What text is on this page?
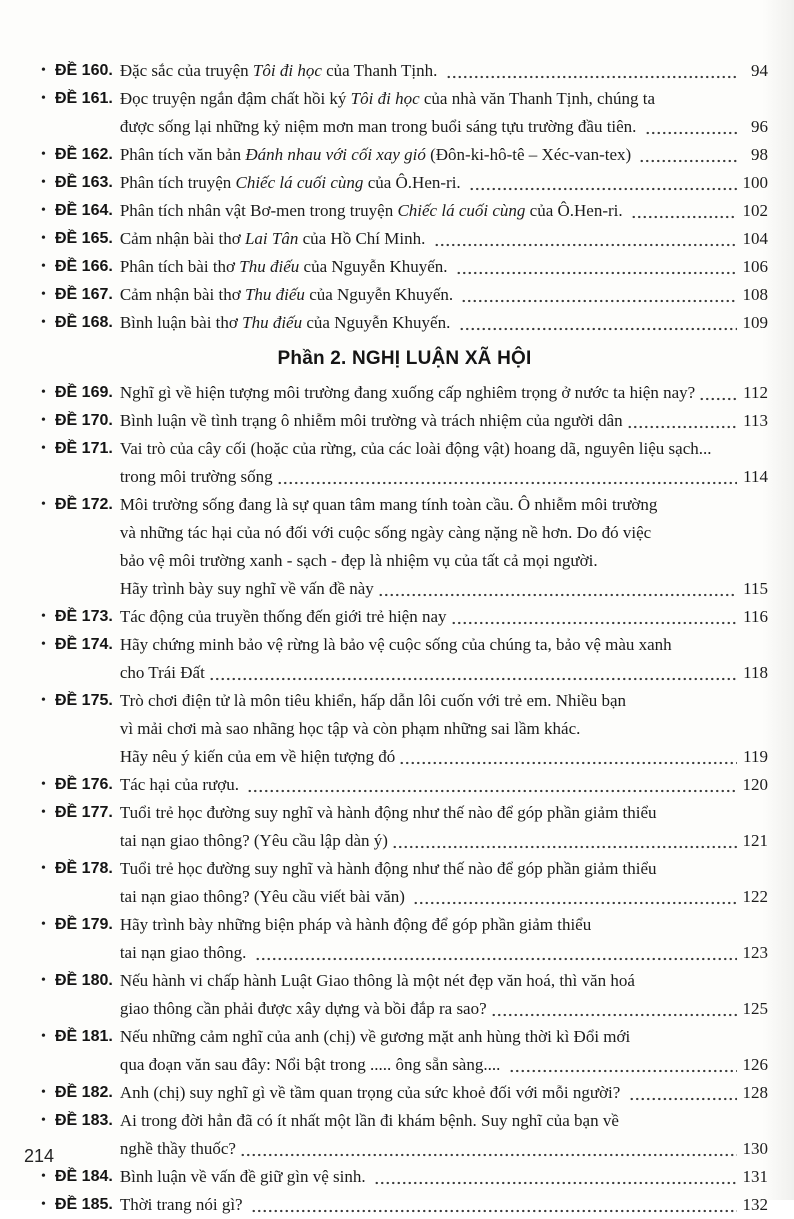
• ĐỀ 160. Đặc sắc của truyện Tôi đi học của Thanh Tịnh.	94
• ĐỀ 161. Đọc truyện ngắn đậm chất hồi ký Tôi đi học của nhà văn Thanh Tịnh, chúng ta
được sống lại những kỷ niệm mơn man trong buổi sáng tựu trường đầu tiên.	96
• ĐỀ 162. Phân tích văn bản Đánh nhau với cối xay gió (Đôn-ki-hô-tê – Xéc-van-tex)	98
• ĐỀ 163. Phân tích truyện Chiếc lá cuối cùng của Ô.Hen-ri.	100
• ĐỀ 164. Phân tích nhân vật Bơ-men trong truyện Chiếc lá cuối cùng của Ô.Hen-ri.	102
• ĐỀ 165. Cảm nhận bài thơ Lai Tân của Hồ Chí Minh.	104
• ĐỀ 166. Phân tích bài thơ Thu điếu của Nguyễn Khuyến.	106
• ĐỀ 167. Cảm nhận bài thơ Thu điếu của Nguyễn Khuyến.	108
• ĐỀ 168. Bình luận bài thơ Thu điếu của Nguyễn Khuyến.	109
Phần 2. NGHỊ LUẬN XÃ HỘI
• ĐỀ 169. Nghĩ gì về hiện tượng môi trường đang xuống cấp nghiêm trọng ở nước ta hiện nay?	112
• ĐỀ 170. Bình luận về tình trạng ô nhiễm môi trường và trách nhiệm của người dân	113
• ĐỀ 171. Vai trò của cây cối (hoặc của rừng, của các loài động vật) hoang dã, nguyên liệu sạch...
trong môi trường sống	114
• ĐỀ 172. Môi trường sống đang là sự quan tâm mang tính toàn cầu. Ô nhiễm môi trường
và những tác hại của nó đối với cuộc sống ngày càng nặng nề hơn. Do đó việc
bảo vệ môi trường xanh - sạch - đẹp là nhiệm vụ của tất cả mọi người.
Hãy trình bày suy nghĩ về vấn đề này	115
• ĐỀ 173. Tác động của truyền thống đến giới trẻ hiện nay	116
• ĐỀ 174. Hãy chứng minh bảo vệ rừng là bảo vệ cuộc sống của chúng ta, bảo vệ màu xanh
cho Trái Đất	118
• ĐỀ 175. Trò chơi điện tử là môn tiêu khiển, hấp dẫn lôi cuốn với trẻ em. Nhiều bạn
vì mải chơi mà sao nhãng học tập và còn phạm những sai lầm khác.
Hãy nêu ý kiến của em về hiện tượng đó	119
• ĐỀ 176. Tác hại của rượu.	120
• ĐỀ 177. Tuổi trẻ học đường suy nghĩ và hành động như thế nào để góp phần giảm thiểu
tai nạn giao thông? (Yêu cầu lập dàn ý)	121
• ĐỀ 178. Tuổi trẻ học đường suy nghĩ và hành động như thế nào để góp phần giảm thiểu
tai nạn giao thông? (Yêu cầu viết bài văn)	122
• ĐỀ 179. Hãy trình bày những biện pháp và hành động để góp phần giảm thiểu
tai nạn giao thông.	123
• ĐỀ 180. Nếu hành vi chấp hành Luật Giao thông là một nét đẹp văn hoá, thì văn hoá
giao thông cần phải được xây dựng và bồi đắp ra sao?	125
• ĐỀ 181. Nếu những cảm nghĩ của anh (chị) về gương mặt anh hùng thời kì Đổi mới
qua đoạn văn sau đây: Nổi bật trong ..... ông sẵn sàng....	126
• ĐỀ 182. Anh (chị) suy nghĩ gì về tầm quan trọng của sức khoẻ đối với mỗi người?	128
• ĐỀ 183. Ai trong đời hẳn đã có ít nhất một lần đi khám bệnh. Suy nghĩ của bạn về
nghề thầy thuốc?	130
• ĐỀ 184. Bình luận về vấn đề giữ gìn vệ sinh.	131
• ĐỀ 185. Thời trang nói gì?	132
214
